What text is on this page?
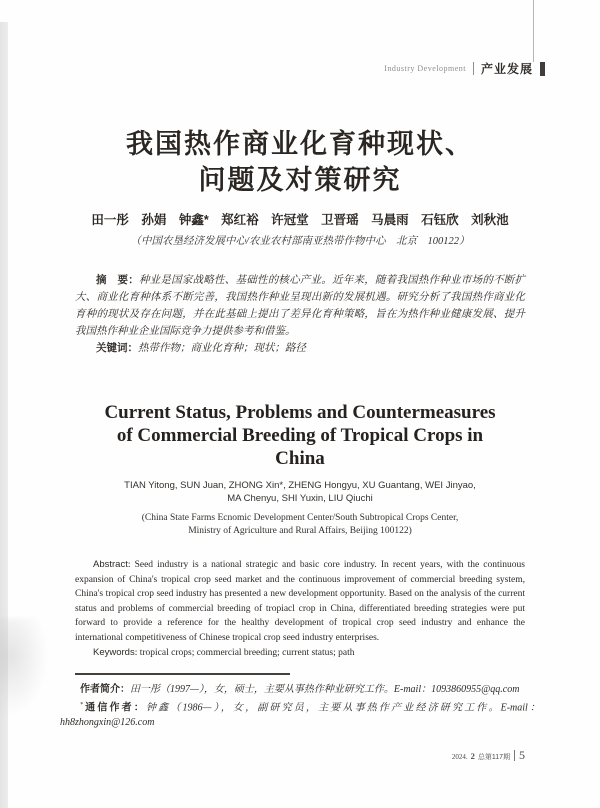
Industry Development 产业发展
我国热作商业化育种现状、
问题及对策研究
田一彤　孙娟　钟鑫*　郑红裕　许冠堂　卫晋瑶　马晨雨　石钰欣　刘秋池
（中国农垦经济发展中心/农业农村部南亚热带作物中心　北京　100122）

摘　要：种业是国家战略性、基础性的核心产业。近年来，随着我国热作种业市场的不断扩大、商业化育种体系不断完善，我国热作种业呈现出新的发展机遇。研究分析了我国热作商业化育种的现状及存在问题，并在此基础上提出了差异化育种策略，旨在为热作种业健康发展、提升我国热作种业企业国际竞争力提供参考和借鉴。

关键词：热带作物；商业化育种；现状；路径
Current Status, Problems and Countermeasures
of Commercial Breeding of Tropical Crops in
China
TIAN Yitong, SUN Juan, ZHONG Xin*, ZHENG Hongyu, XU Guantang, WEI Jinyao,
MA Chenyu, SHI Yuxin, LIU Qiuchi
(China State Farms Ecnomic Development Center/South Subtropical Crops Center,
Ministry of Agriculture and Rural Affairs, Beijing 100122)

Abstract: Seed industry is a national strategic and basic core industry. In recent years, with the continuous expansion of China's tropical crop seed market and the continuous improvement of commercial breeding system, China's tropical crop seed industry has presented a new development opportunity. Based on the analysis of the current status and problems of commercial breeding of tropiacl crop in China, differentiated breeding strategies were put forward to provide a reference for the healthy development of tropical crop seed industry and enhance the international competitiveness of Chinese tropical crop seed industry enterprises.

Keywords: tropical crops; commercial breeding; current status; path

作者简介：田一彤（1997—），女，硕士，主要从事热作种业研究工作。E-mail：1093860955@qq.com

*通信作者：钟鑫（1986—），女，副研究员，主要从事热作产业经济研究工作。E-mail：hh8zhongxin@126.com

2024. 2 总第117期 5
